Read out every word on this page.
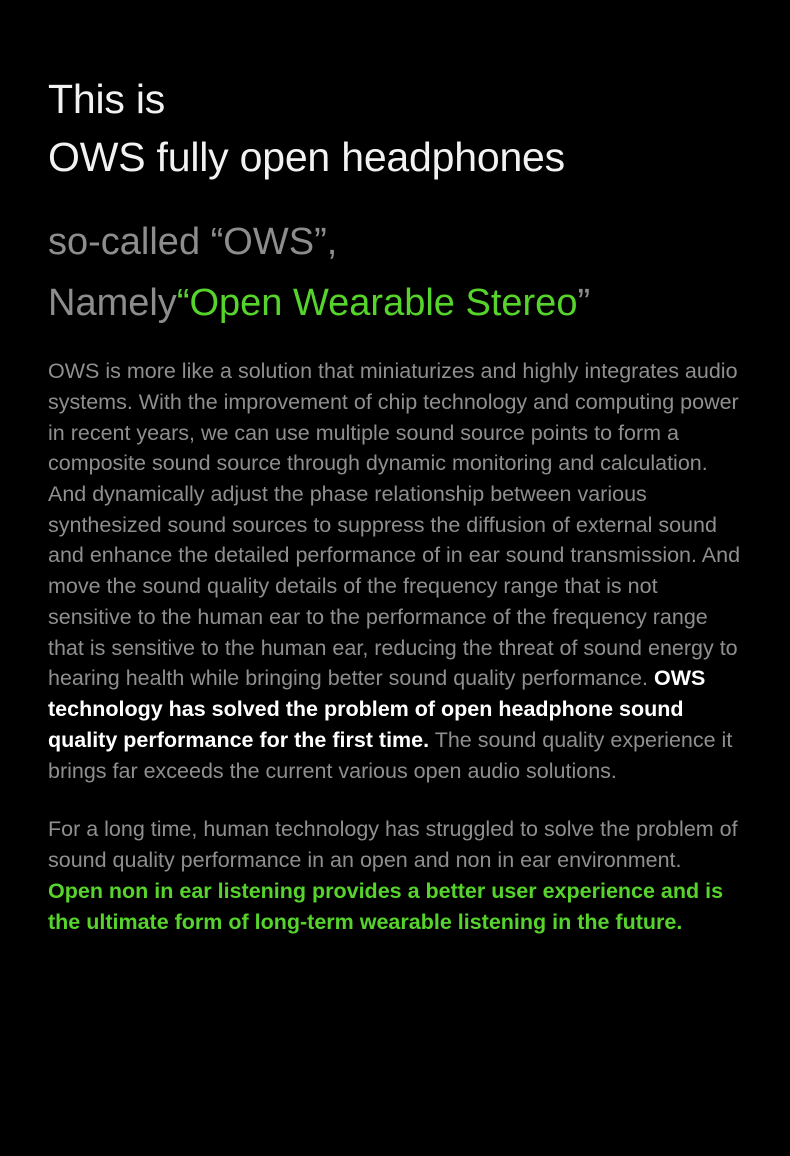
This is
OWS fully open headphones
so-called “OWS”,
Namely“Open Wearable Stereo”

OWS is more like a solution that miniaturizes and highly integrates audio systems. With the improvement of chip technology and computing power in recent years, we can use multiple sound source points to form a composite sound source through dynamic monitoring and calculation. And dynamically adjust the phase relationship between various synthesized sound sources to suppress the diffusion of external sound and enhance the detailed performance of in ear sound transmission. And move the sound quality details of the frequency range that is not sensitive to the human ear to the performance of the frequency range that is sensitive to the human ear, reducing the threat of sound energy to hearing health while bringing better sound quality performance. OWS technology has solved the problem of open headphone sound quality performance for the first time. The sound quality experience it brings far exceeds the current various open audio solutions.

For a long time, human technology has struggled to solve the problem of sound quality performance in an open and non in ear environment. Open non in ear listening provides a better user experience and is the ultimate form of long-term wearable listening in the future.
